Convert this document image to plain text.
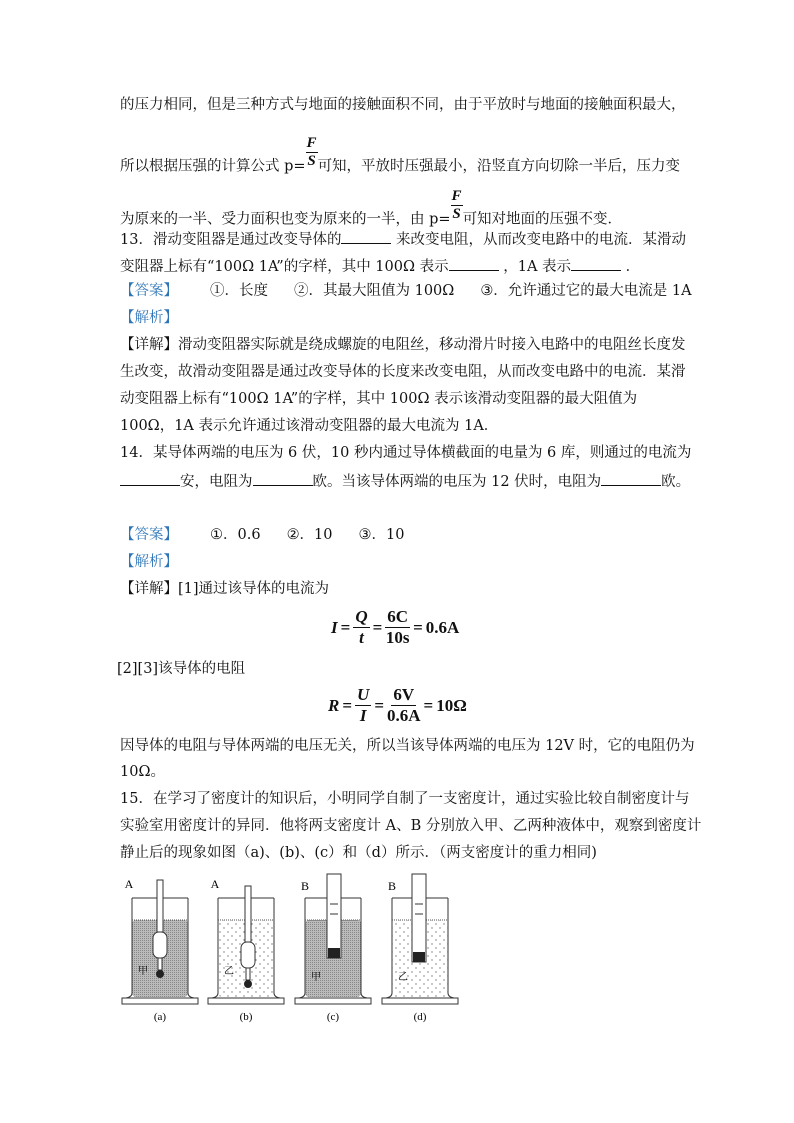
的压力相同，但是三种方式与地面的接触面积不同，由于平放时与地面的接触面积最大，
所以根据压强的计算公式 $p= \frac{F}{S}$ 可知，平放时压强最小，沿竖直方向切除一半后，压力变
为原来的一半、受力面积也变为原来的一半，由 $p= \frac{F}{S}$ 可知对地面的压强不变．
13．滑动变阻器是通过改变导体的	来改变电阻，从而改变电路中的电流．某滑动
变阻器上标有“100Ω 1A”的字样，其中 100Ω 表示	，1A 表示	．
【答案】 ①．长度 ②．其最大阻值为 100Ω ③．允许通过它的最大电流是 1A
【解析】
【详解】滑动变阻器实际就是绕成螺旋的电阻丝，移动滑片时接入电路中的电阻丝长度发
生改变，故滑动变阻器是通过改变导体的长度来改变电阻，从而改变电路中的电流．某滑
动变阻器上标有“100Ω 1A”的字样，其中 100Ω 表示该滑动变阻器的最大阻值为
100Ω，1A 表示允许通过该滑动变阻器的最大电流为 1A．
14．某导体两端的电压为 6 伏，10 秒内通过导体横截面的电量为 6 库，则通过的电流为
安，电阻为	欧。当该导体两端的电压为 12 伏时，电阻为	欧。
【答案】 ①．0.6 ②．10 ③．10
【解析】
【详解】[1]通过该导体的电流为
$I = \frac{Q}{t} = \frac{6C}{10s} = 0.6A$
[2][3]该导体的电阻
$R = \frac{U}{I} = \frac{6V}{0.6A} = 10\Omega$
因导体的电阻与导体两端的电压无关，所以当该导体两端的电压为 12V 时，它的电阻仍为
10Ω。
15．在学习了密度计的知识后，小明同学自制了一支密度计，通过实验比较自制密度计与
实验室用密度计的异同．他将两支密度计 A、B 分别放入甲、乙两种液体中，观察到密度计
静止后的现象如图（a)、(b)、(c）和（d）所示．（两支密度计的重力相同)
(a)
A
甲
(b)
A
乙
(c)
B
甲
(d)
B
乙
